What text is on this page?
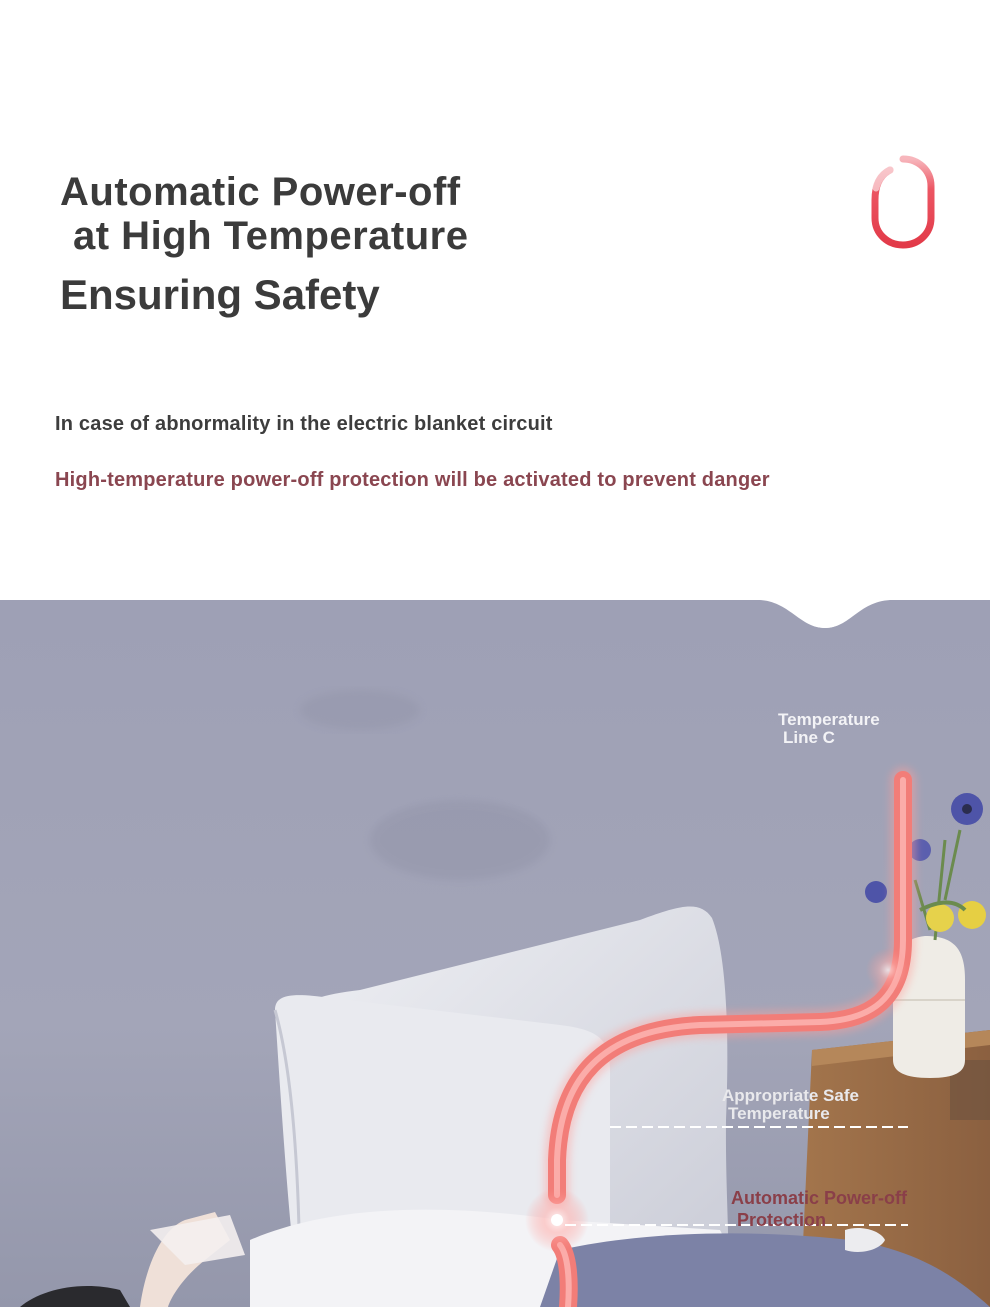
Automatic Power-off
at High Temperature
Ensuring Safety
In case of abnormality in the electric blanket circuit
High-temperature power-off protection will be activated to prevent danger
Temperature
Line C
Appropriate Safe
Temperature
Automatic Power-off
Protection
